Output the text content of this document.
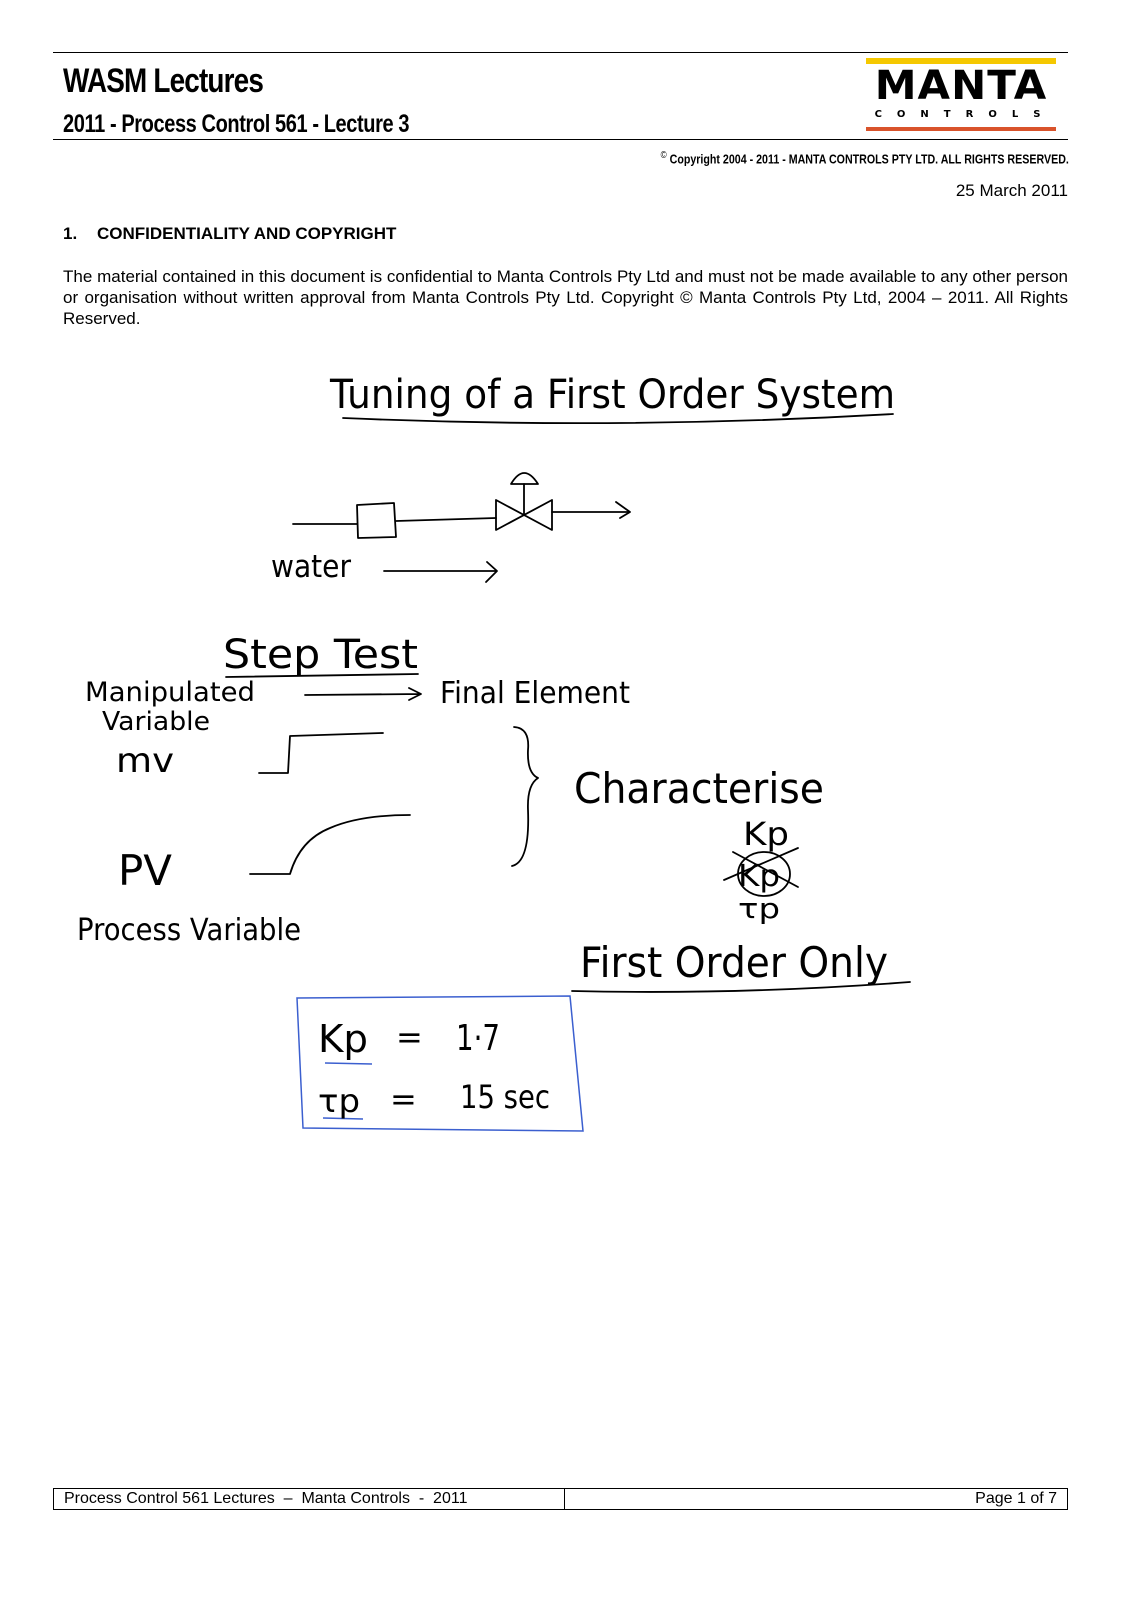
WASM Lectures
2011 - Process Control 561 - Lecture 3
MANTA
CONTROLS
© Copyright 2004 - 2011 - MANTA CONTROLS PTY LTD. ALL RIGHTS RESERVED.
25 March 2011
1. CONFIDENTIALITY AND COPYRIGHT
The material contained in this document is confidential to Manta Controls Pty Ltd and must not be made available to any other person or organisation without written approval from Manta Controls Pty Ltd. Copyright © Manta Controls Pty Ltd, 2004 – 2011. All Rights Reserved.
Tuning of a First Order System
water
Step Test
Manipulated
Variable
mv
Final Element
Characterise
Kp
Kp
τp
PV
Process Variable
First Order Only
Kp = 1·7
τp = 15 sec
Process Control 561 Lectures  –  Manta Controls  -  2011	Page 1 of 7
